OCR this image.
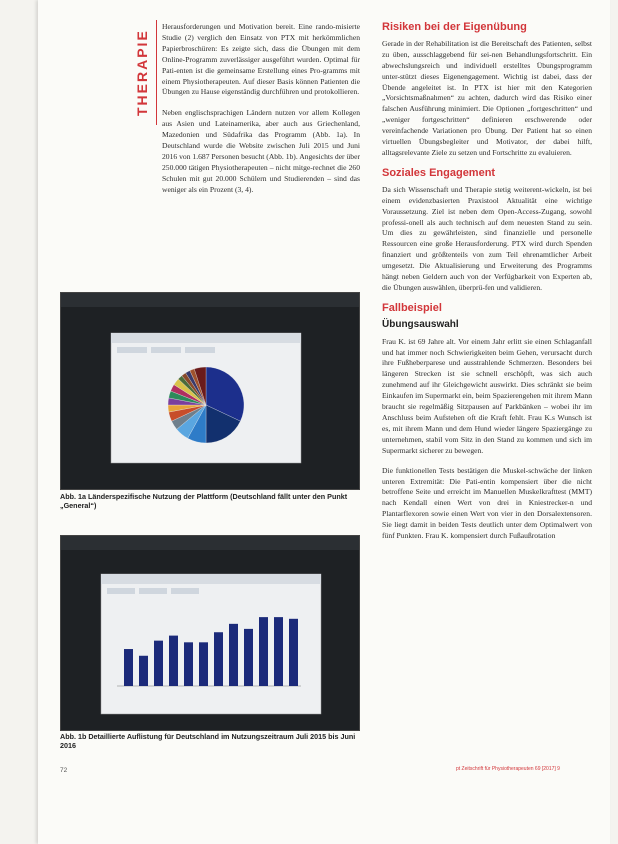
THERAPIE

Herausforderungen und Motivation bereit. Eine rando-misierte Studie (2) verglich den Einsatz von PTX mit herkömmlichen Papierbroschüren: Es zeigte sich, dass die Übungen mit dem Online-Programm zuverlässiger ausgeführt wurden. Optimal für Pati-enten ist die gemeinsame Erstellung eines Pro-gramms mit einem Physiotherapeuten. Auf dieser Basis können Patienten die Übungen zu Hause eigenständig durchführen und protokollieren.

Neben englischsprachigen Ländern nutzen vor allem Kollegen aus Asien und Lateinamerika, aber auch aus Griechenland, Mazedonien und Südafrika das Programm (Abb. 1a). In Deutschland wurde die Website zwischen Juli 2015 und Juni 2016 von 1.687 Personen besucht (Abb. 1b). Angesichts der über 250.000 tätigen Physiotherapeuten – nicht mitge-rechnet die 260 Schulen mit gut 20.000 Schülern und Studierenden – sind das weniger als ein Prozent (3, 4).

Abb. 1a Länderspezifische Nutzung der Plattform (Deutschland fällt unter den Punkt „General“)
Abb. 1b Detaillierte Auflistung für Deutschland im Nutzungszeitraum Juli 2015 bis Juni 2016
Risiken bei der Eigenübung

Gerade in der Rehabilitation ist die Bereitschaft des Patienten, selbst zu üben, ausschlaggebend für sei-nen Behandlungsfortschritt. Ein abwechslungsreich und individuell erstelltes Übungsprogramm unter-stützt dieses Eigenengagement. Wichtig ist dabei, dass der Übende angeleitet ist. In PTX ist hier mit den Kategorien „Vorsichtsmaßnahmen“ zu achten, dadurch wird das Risiko einer falschen Ausführung minimiert. Die Optionen „fortgeschritten“ und „weniger fortgeschritten“ definieren erschwerende oder vereinfachende Variationen pro Übung. Der Patient hat so einen virtuellen Übungsbegleiter und Motivator, der dabei hilft, alltagsrelevante Ziele zu setzen und Fortschritte zu evaluieren.

Soziales Engagement

Da sich Wissenschaft und Therapie stetig weiterent-wickeln, ist bei einem evidenzbasierten Praxistool Aktualität eine wichtige Voraussetzung. Ziel ist neben dem Open-Access-Zugang, sowohl professi-onell als auch technisch auf dem neuesten Stand zu sein. Um dies zu gewährleisten, sind finanzielle und personelle Ressourcen eine große Herausforderung. PTX wird durch Spenden finanziert und größtenteils von zum Teil ehrenamtlicher Arbeit umgesetzt. Die Aktualisierung und Erweiterung des Programms hängt neben Geldern auch von der Verfügbarkeit von Experten ab, die Übungen auswählen, überprü-fen und validieren.

Fallbeispiel
Übungsauswahl

Frau K. ist 69 Jahre alt. Vor einem Jahr erlitt sie einen Schlaganfall und hat immer noch Schwierigkeiten beim Gehen, verursacht durch ihre Fußheberparese und ausstrahlende Schmerzen. Besonders bei längeren Strecken ist sie schnell erschöpft, was sich auch zunehmend auf ihr Gleichgewicht auswirkt. Dies schränkt sie beim Einkaufen im Supermarkt ein, beim Spazierengehen mit ihrem Mann braucht sie regelmäßig Sitzpausen auf Parkbänken – wobei ihr im Anschluss beim Aufstehen oft die Kraft fehlt. Frau K.s Wunsch ist es, mit ihrem Mann und dem Hund wieder längere Spaziergänge zu unternehmen, stabil vom Sitz in den Stand zu kommen und sich im Supermarkt sicherer zu bewegen.

Die funktionellen Tests bestätigen die Muskel-schwäche der linken unteren Extremität: Die Pati-entin kompensiert über die nicht betroffene Seite und erreicht im Manuellen Muskelkrafttest (MMT) nach Kendall einen Wert von drei in Kniestrecker-n und Plantarflexoren sowie einen Wert von vier in den Dorsalextensoren. Sie liegt damit in beiden Tests deutlich unter dem Optimalwert von fünf Punkten. Frau K. kompensiert durch Fußaußrotation

72	pt Zeitschrift für Physiotherapeuten 69 [2017] 9
